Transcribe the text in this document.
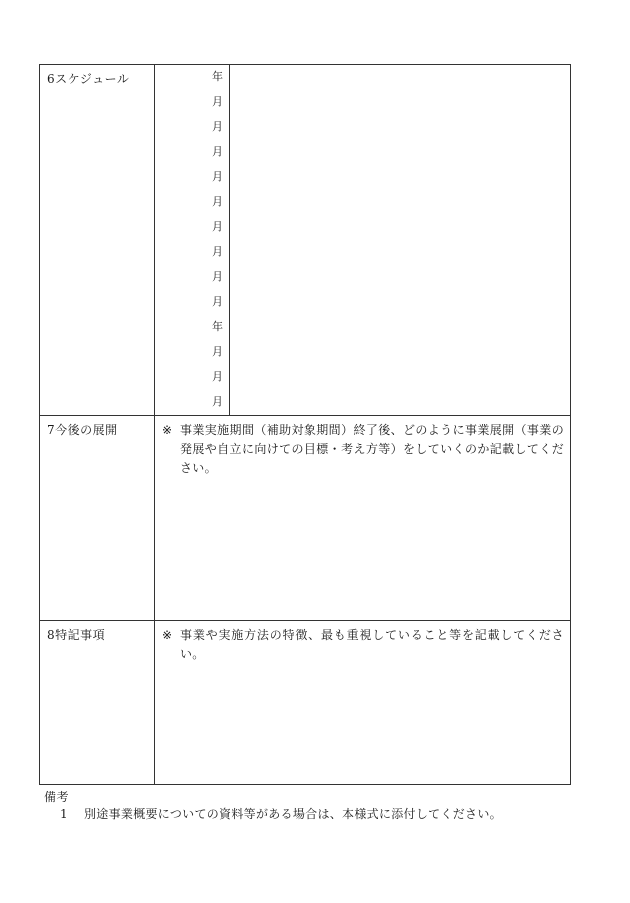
6スケジュール	年
月
月
月
月
月
月
月
月
月
年
月
月
月
7今後の展開	※ 事業実施期間（補助対象期間）終了後、どのように事業展開（事業の発展や自立に向けての目標・考え方等）をしていくのか記載してください。
8特記事項	※ 事業や実施方法の特徴、最も重視していること等を記載してください。
備考
1 別途事業概要についての資料等がある場合は、本様式に添付してください。
